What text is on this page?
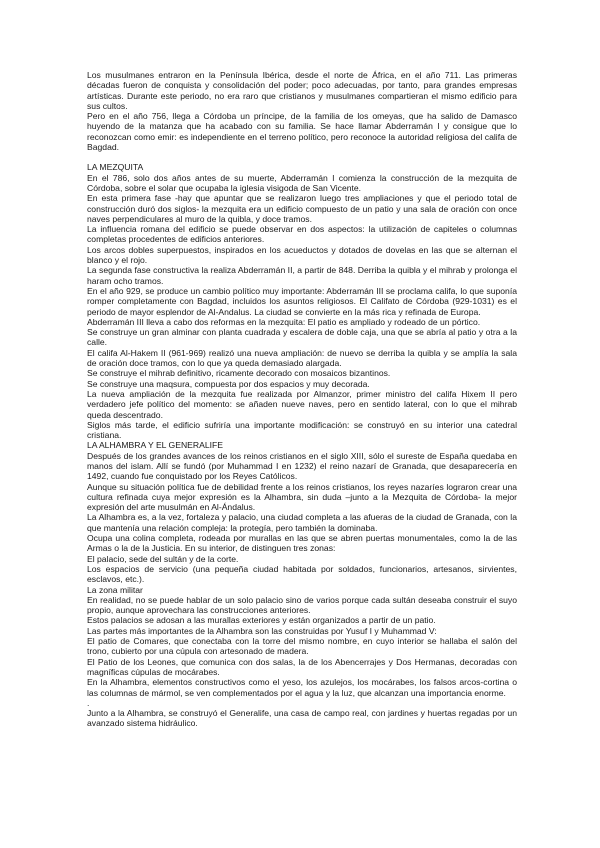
Los musulmanes entraron en la Península Ibérica, desde el norte de África, en el año 711. Las primeras décadas fueron de conquista y consolidación del poder; poco adecuadas, por tanto, para grandes empresas artísticas. Durante este periodo, no era raro que cristianos y musulmanes compartieran el mismo edificio para sus cultos.

Pero en el año 756, llega a Córdoba un príncipe, de la familia de los omeyas, que ha salido de Damasco huyendo de la matanza que ha acabado con su familia. Se hace llamar Abderramán I y consigue que lo reconozcan como emir: es independiente en el terreno político, pero reconoce la autoridad religiosa del califa de Bagdad.

LA MEZQUITA

En el 786, solo dos años antes de su muerte, Abderramán I comienza la construcción de la mezquita de Córdoba, sobre el solar que ocupaba la iglesia visigoda de San Vicente.

En esta primera fase -hay que apuntar que se realizaron luego tres ampliaciones y que el periodo total de construcción duró dos siglos- la mezquita era un edificio compuesto de un patio y una sala de oración con once naves perpendiculares al muro de la quibla, y doce tramos.

La influencia romana del edificio se puede observar en dos aspectos: la utilización de capiteles o columnas completas procedentes de edificios anteriores.

Los arcos dobles superpuestos, inspirados en los acueductos y dotados de dovelas en las que se alternan el blanco y el rojo.

La segunda fase constructiva la realiza Abderramán II, a partir de 848. Derriba la quibla y el mihrab y prolonga el haram ocho tramos.

En el año 929, se produce un cambio político muy importante: Abderramán III se proclama califa, lo que suponía romper completamente con Bagdad, incluidos los asuntos religiosos. El Califato de Córdoba (929-1031) es el periodo de mayor esplendor de Al-Andalus. La ciudad se convierte en la más rica y refinada de Europa.

Abderramán III lleva a cabo dos reformas en la mezquita: El patio es ampliado y rodeado de un pórtico.

Se construye un gran alminar con planta cuadrada y escalera de doble caja, una que se abría al patio y otra a la calle.

El califa Al-Hakem II (961-969) realizó una nueva ampliación: de nuevo se derriba la quibla y se amplía la sala de oración doce tramos, con lo que ya queda demasiado alargada.

Se construye el mihrab definitivo, ricamente decorado con mosaicos bizantinos.

Se construye una maqsura, compuesta por dos espacios y muy decorada.

La nueva ampliación de la mezquita fue realizada por Almanzor, primer ministro del califa Hixem II pero verdadero jefe político del momento: se añaden nueve naves, pero en sentido lateral, con lo que el mihrab queda descentrado.

Siglos más tarde, el edificio sufriría una importante modificación: se construyó en su interior una catedral cristiana.

LA ALHAMBRA Y EL GENERALIFE

Después de los grandes avances de los reinos cristianos en el siglo XIII, sólo el sureste de España quedaba en manos del islam. Allí se fundó (por Muhammad I en 1232) el reino nazarí de Granada, que desaparecería en 1492, cuando fue conquistado por los Reyes Católicos.

Aunque su situación política fue de debilidad frente a los reinos cristianos, los reyes nazaríes lograron crear una cultura refinada cuya mejor expresión es la Alhambra, sin duda –junto a la Mezquita de Córdoba- la mejor expresión del arte musulmán en Al-Ándalus.

La Alhambra es, a la vez, fortaleza y palacio, una ciudad completa a las afueras de la ciudad de Granada, con la que mantenía una relación compleja: la protegía, pero también la dominaba.

Ocupa una colina completa, rodeada por murallas en las que se abren puertas monumentales, como la de las Armas o la de la Justicia. En su interior, de distinguen tres zonas:

El palacio, sede del sultán y de la corte.

Los espacios de servicio (una pequeña ciudad habitada por soldados, funcionarios, artesanos, sirvientes, esclavos, etc.).

La zona militar

En realidad, no se puede hablar de un solo palacio sino de varios porque cada sultán deseaba construir el suyo propio, aunque aprovechara las construcciones anteriores.

Estos palacios se adosan a las murallas exteriores y están organizados a partir de un patio.

Las partes más importantes de la Alhambra son las construidas por Yusuf I y Muhammad V:

El patio de Comares, que conectaba con la torre del mismo nombre, en cuyo interior se hallaba el salón del trono, cubierto por una cúpula con artesonado de madera.

El Patio de los Leones, que comunica con dos salas, la de los Abencerrajes y Dos Hermanas, decoradas con magníficas cúpulas de mocárabes.

En la Alhambra, elementos constructivos como el yeso, los azulejos, los mocárabes, los falsos arcos-cortina o las columnas de mármol, se ven complementados por el agua y la luz, que alcanzan una importancia enorme.

.

Junto a la Alhambra, se construyó el Generalife, una casa de campo real, con jardines y huertas regadas por un avanzado sistema hidráulico.
